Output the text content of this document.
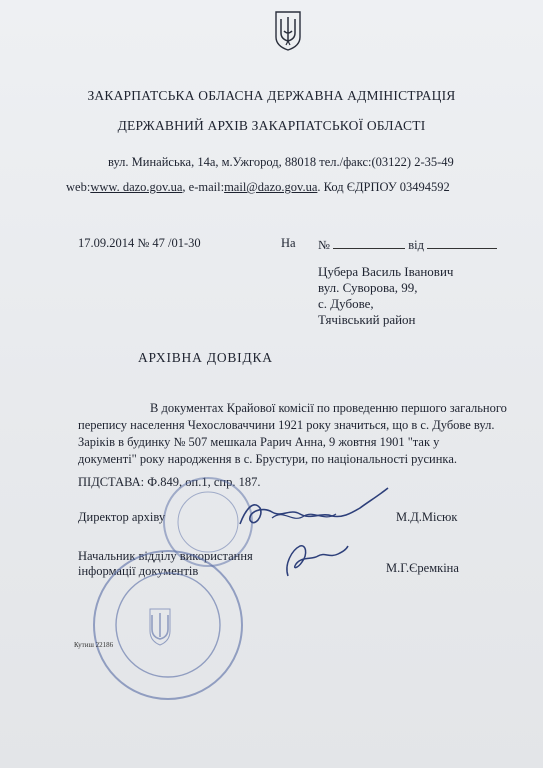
ЗАКАРПАТСЬКА ОБЛАСНА ДЕРЖАВНА АДМІНІСТРАЦІЯ
ДЕРЖАВНИЙ АРХІВ ЗАКАРПАТСЬКОЇ ОБЛАСТІ
вул. Минайська, 14а, м.Ужгород, 88018 тел./факс:(03122) 2-35-49
web:www. dazo.gov.ua, e-mail:mail@dazo.gov.ua. Код ЄДРПОУ 03494592
17.09.2014 № 47 /01-30	На №	від
Цубера Василь Іванович
вул. Суворова, 99,
с. Дубове,
Тячівський район
АРХІВНА ДОВІДКА
В документах Крайової комісії по проведенню першого загального
перепису населення Чехословаччини 1921 року значиться, що в с. Дубове вул.
Заріків в будинку № 507 мешкала Рарич Анна, 9 жовтня 1901 "так у
документі" року народження в с. Брустури, по національності русинка.
ПІДСТАВА: Ф.849, оп.1, спр. 187.
Директор архіву	М.Д.Місюк
Начальник відділу використання
інформації документів	М.Г.Єремкіна
Кутиш 22186
